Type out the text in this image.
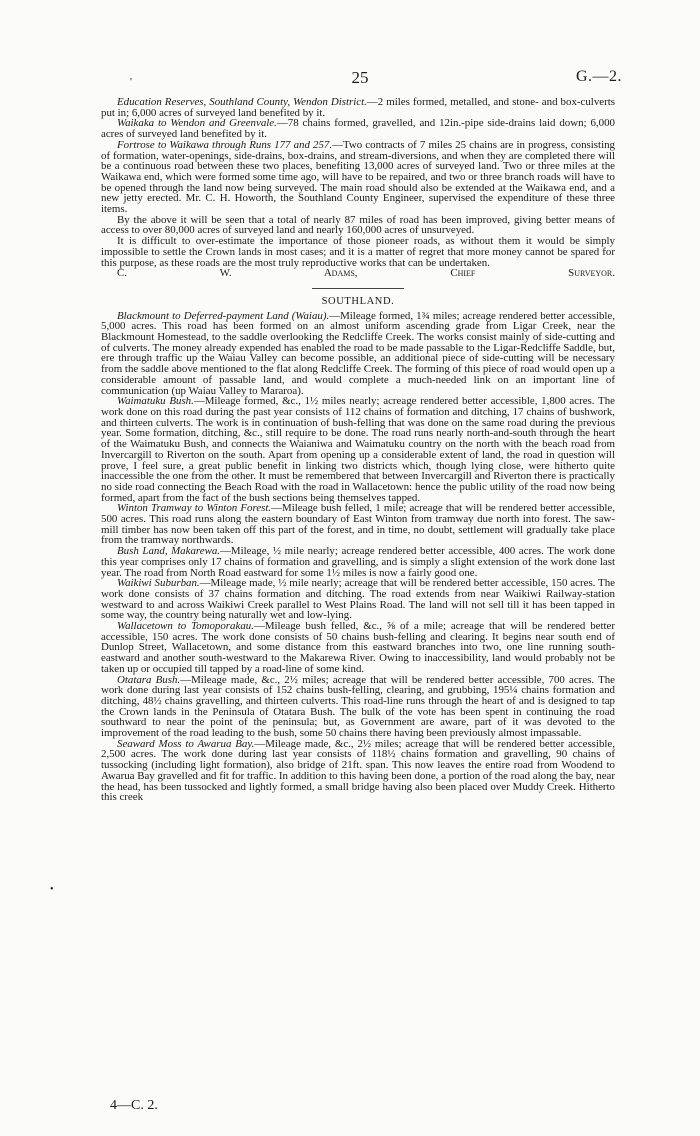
'	25	G.—2.

Education Reserves, Southland County, Wendon District.—2 miles formed, metalled, and stone- and box-culverts put in; 6,000 acres of surveyed land benefited by it.

Waikaka to Wendon and Greenvale.—78 chains formed, gravelled, and 12in.-pipe side-drains laid down; 6,000 acres of surveyed land benefited by it.

Fortrose to Waikawa through Runs 177 and 257.—Two contracts of 7 miles 25 chains are in progress, consisting of formation, water-openings, side-drains, box-drains, and stream-diversions, and when they are completed there will be a continuous road between these two places, benefiting 13,000 acres of surveyed land. Two or three miles at the Waikawa end, which were formed some time ago, will have to be repaired, and two or three branch roads will have to be opened through the land now being surveyed. The main road should also be extended at the Waikawa end, and a new jetty erected. Mr. C. H. Howorth, the Southland County Engineer, supervised the expenditure of these three items.

By the above it will be seen that a total of nearly 87 miles of road has been improved, giving better means of access to over 80,000 acres of surveyed land and nearly 160,000 acres of unsurveyed.

It is difficult to over-estimate the importance of those pioneer roads, as without them it would be simply impossible to settle the Crown lands in most cases; and it is a matter of regret that more money cannot be spared for this purpose, as these roads are the most truly reproductive works that can be undertaken.

C. W. Adams, Chief Surveyor.

SOUTHLAND.

Blackmount to Deferred-payment Land (Waiau).—Mileage formed, 1¾ miles; acreage rendered better accessible, 5,000 acres. This road has been formed on an almost uniform ascending grade from Ligar Creek, near the Blackmount Homestead, to the saddle overlooking the Redcliffe Creek. The works consist mainly of side-cutting and of culverts. The money already expended has enabled the road to be made passable to the Ligar-Redcliffe Saddle, but, ere through traffic up the Waiau Valley can become possible, an additional piece of side-cutting will be necessary from the saddle above mentioned to the flat along Redcliffe Creek. The forming of this piece of road would open up a considerable amount of passable land, and would complete a much-needed link on an important line of communication (up Waiau Valley to Mararoa).

Waimatuku Bush.—Mileage formed, &c., 1½ miles nearly; acreage rendered better accessible, 1,800 acres. The work done on this road during the past year consists of 112 chains of formation and ditching, 17 chains of bushwork, and thirteen culverts. The work is in continuation of bush-felling that was done on the same road during the previous year. Some formation, ditching, &c., still require to be done. The road runs nearly north-and-south through the heart of the Waimatuku Bush, and connects the Waianiwa and Waimatuku country on the north with the beach road from Invercargill to Riverton on the south. Apart from opening up a considerable extent of land, the road in question will prove, I feel sure, a great public benefit in linking two districts which, though lying close, were hitherto quite inaccessible the one from the other. It must be remembered that between Invercargill and Riverton there is practically no side road connecting the Beach Road with the road in Wallacetown: hence the public utility of the road now being formed, apart from the fact of the bush sections being themselves tapped.

Winton Tramway to Winton Forest.—Mileage bush felled, 1 mile; acreage that will be rendered better accessible, 500 acres. This road runs along the eastern boundary of East Winton from tramway due north into forest. The saw-mill timber has now been taken off this part of the forest, and in time, no doubt, settlement will gradually take place from the tramway northwards.

Bush Land, Makarewa.—Mileage, ½ mile nearly; acreage rendered better accessible, 400 acres. The work done this year comprises only 17 chains of formation and gravelling, and is simply a slight extension of the work done last year. The road from North Road eastward for some 1½ miles is now a fairly good one.

Waikiwi Suburban.—Mileage made, ½ mile nearly; acreage that will be rendered better accessible, 150 acres. The work done consists of 37 chains formation and ditching. The road extends from near Waikiwi Railway-station westward to and across Waikiwi Creek parallel to West Plains Road. The land will not sell till it has been tapped in some way, the country being naturally wet and low-lying.

Wallacetown to Tomoporakau.—Mileage bush felled, &c., ⅝ of a mile; acreage that will be rendered better accessible, 150 acres. The work done consists of 50 chains bush-felling and clearing. It begins near south end of Dunlop Street, Wallacetown, and some distance from this eastward branches into two, one line running south-eastward and another south-westward to the Makarewa River. Owing to inaccessibility, land would probably not be taken up or occupied till tapped by a road-line of some kind.

Otatara Bush.—Mileage made, &c., 2½ miles; acreage that will be rendered better accessible, 700 acres. The work done during last year consists of 152 chains bush-felling, clearing, and grubbing, 195¼ chains formation and ditching, 48½ chains gravelling, and thirteen culverts. This road-line runs through the heart of and is designed to tap the Crown lands in the Peninsula of Otatara Bush. The bulk of the vote has been spent in continuing the road southward to near the point of the peninsula; but, as Government are aware, part of it was devoted to the improvement of the road leading to the bush, some 50 chains there having been previously almost impassable.

Seaward Moss to Awarua Bay.—Mileage made, &c., 2½ miles; acreage that will be rendered better accessible, 2,500 acres. The work done during last year consists of 118½ chains formation and gravelling, 90 chains of tussocking (including light formation), also bridge of 21ft. span. This now leaves the entire road from Woodend to Awarua Bay gravelled and fit for traffic. In addition to this having been done, a portion of the road along the bay, near the head, has been tussocked and lightly formed, a small bridge having also been placed over Muddy Creek. Hitherto this creek

•
4—C. 2.
